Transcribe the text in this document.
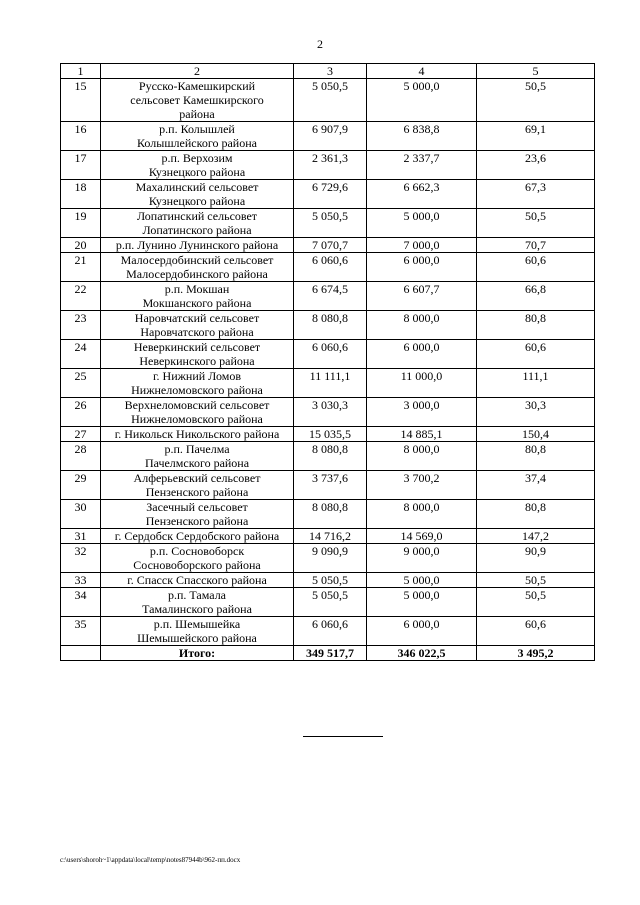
2
1	2	3	4	5
15	Русско-Камешкирский
сельсовет Камешкирского
района	5 050,5	5 000,0	50,5
16	р.п. Колышлей
Колышлейского района	6 907,9	6 838,8	69,1
17	р.п. Верхозим
Кузнецкого района	2 361,3	2 337,7	23,6
18	Махалинский сельсовет
Кузнецкого района	6 729,6	6 662,3	67,3
19	Лопатинский сельсовет
Лопатинского района	5 050,5	5 000,0	50,5
20	р.п. Лунино Лунинского района	7 070,7	7 000,0	70,7
21	Малосердобинский сельсовет
Малосердобинского района	6 060,6	6 000,0	60,6
22	р.п. Мокшан
Мокшанского района	6 674,5	6 607,7	66,8
23	Наровчатский сельсовет
Наровчатского района	8 080,8	8 000,0	80,8
24	Неверкинский сельсовет
Неверкинского района	6 060,6	6 000,0	60,6
25	г. Нижний Ломов
Нижнеломовского района	11 111,1	11 000,0	111,1
26	Верхнеломовский сельсовет
Нижнеломовского района	3 030,3	3 000,0	30,3
27	г. Никольск Никольского района	15 035,5	14 885,1	150,4
28	р.п. Пачелма
Пачелмского района	8 080,8	8 000,0	80,8
29	Алферьевский сельсовет
Пензенского района	3 737,6	3 700,2	37,4
30	Засечный сельсовет
Пензенского района	8 080,8	8 000,0	80,8
31	г. Сердобск Сердобского района	14 716,2	14 569,0	147,2
32	р.п. Сосновоборск
Сосновоборского района	9 090,9	9 000,0	90,9
33	г. Спасск Спасского района	5 050,5	5 000,0	50,5
34	р.п. Тамала
Тамалинского района	5 050,5	5 000,0	50,5
35	р.п. Шемышейка
Шемышейского района	6 060,6	6 000,0	60,6
	Итого:	349 517,7	346 022,5	3 495,2
c:\users\shoroh~1\appdata\local\temp\notes87944b\962-пп.docx
